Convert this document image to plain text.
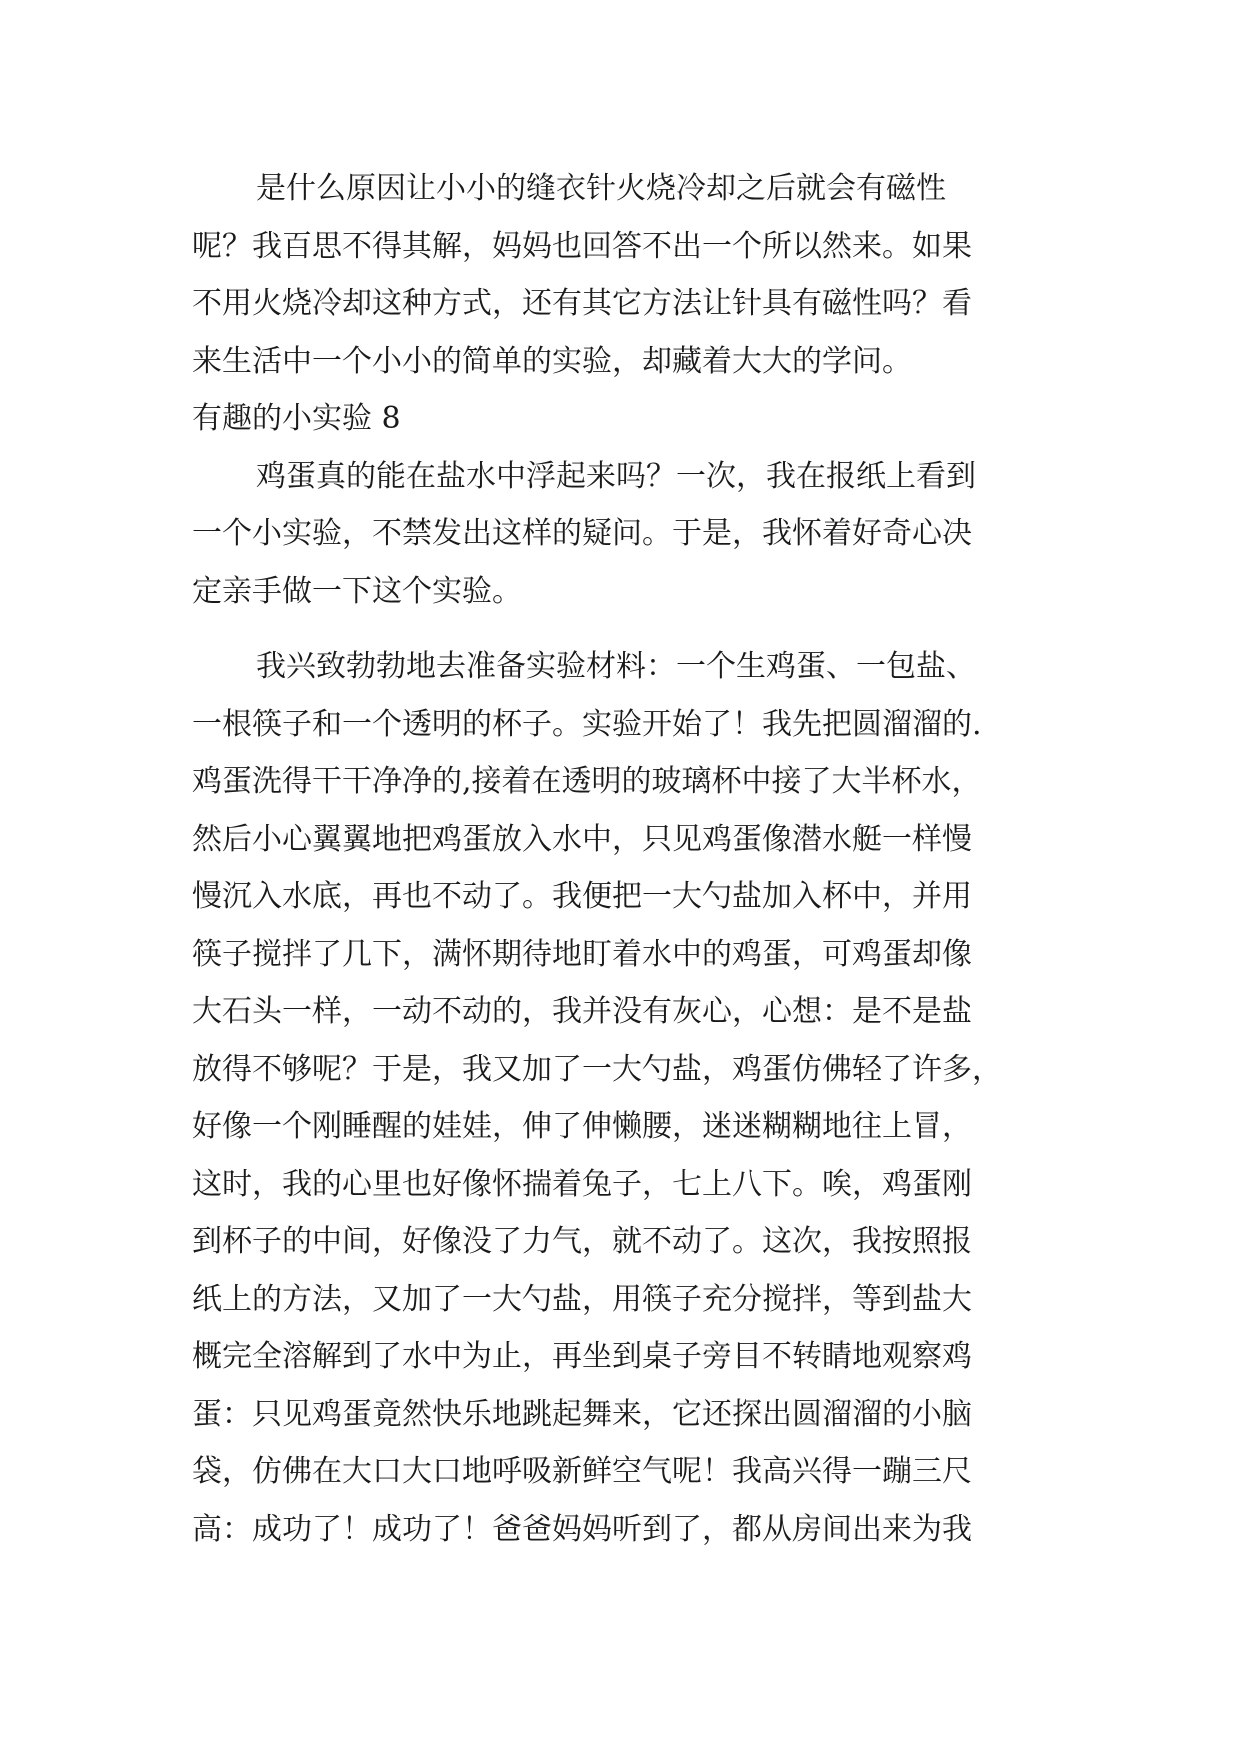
是什么原因让小小的缝衣针火烧冷却之后就会有磁性
呢？我百思不得其解，妈妈也回答不出一个所以然来。如果
不用火烧冷却这种方式，还有其它方法让针具有磁性吗？看
来生活中一个小小的简单的实验，却藏着大大的学问。
有趣的小实验 8
鸡蛋真的能在盐水中浮起来吗？一次，我在报纸上看到
一个小实验，不禁发出这样的疑问。于是，我怀着好奇心决
定亲手做一下这个实验。
我兴致勃勃地去准备实验材料：一个生鸡蛋、一包盐、
一根筷子和一个透明的杯子。实验开始了！我先把圆溜溜的.
鸡蛋洗得干干净净的,接着在透明的玻璃杯中接了大半杯水，
然后小心翼翼地把鸡蛋放入水中，只见鸡蛋像潜水艇一样慢
慢沉入水底，再也不动了。我便把一大勺盐加入杯中，并用
筷子搅拌了几下，满怀期待地盯着水中的鸡蛋，可鸡蛋却像
大石头一样，一动不动的，我并没有灰心，心想：是不是盐
放得不够呢？于是，我又加了一大勺盐，鸡蛋仿佛轻了许多，
好像一个刚睡醒的娃娃，伸了伸懒腰，迷迷糊糊地往上冒，
这时，我的心里也好像怀揣着兔子，七上八下。唉，鸡蛋刚
到杯子的中间，好像没了力气，就不动了。这次，我按照报
纸上的方法，又加了一大勺盐，用筷子充分搅拌，等到盐大
概完全溶解到了水中为止，再坐到桌子旁目不转睛地观察鸡
蛋：只见鸡蛋竟然快乐地跳起舞来，它还探出圆溜溜的小脑
袋，仿佛在大口大口地呼吸新鲜空气呢！我高兴得一蹦三尺
高：成功了！成功了！爸爸妈妈听到了，都从房间出来为我
